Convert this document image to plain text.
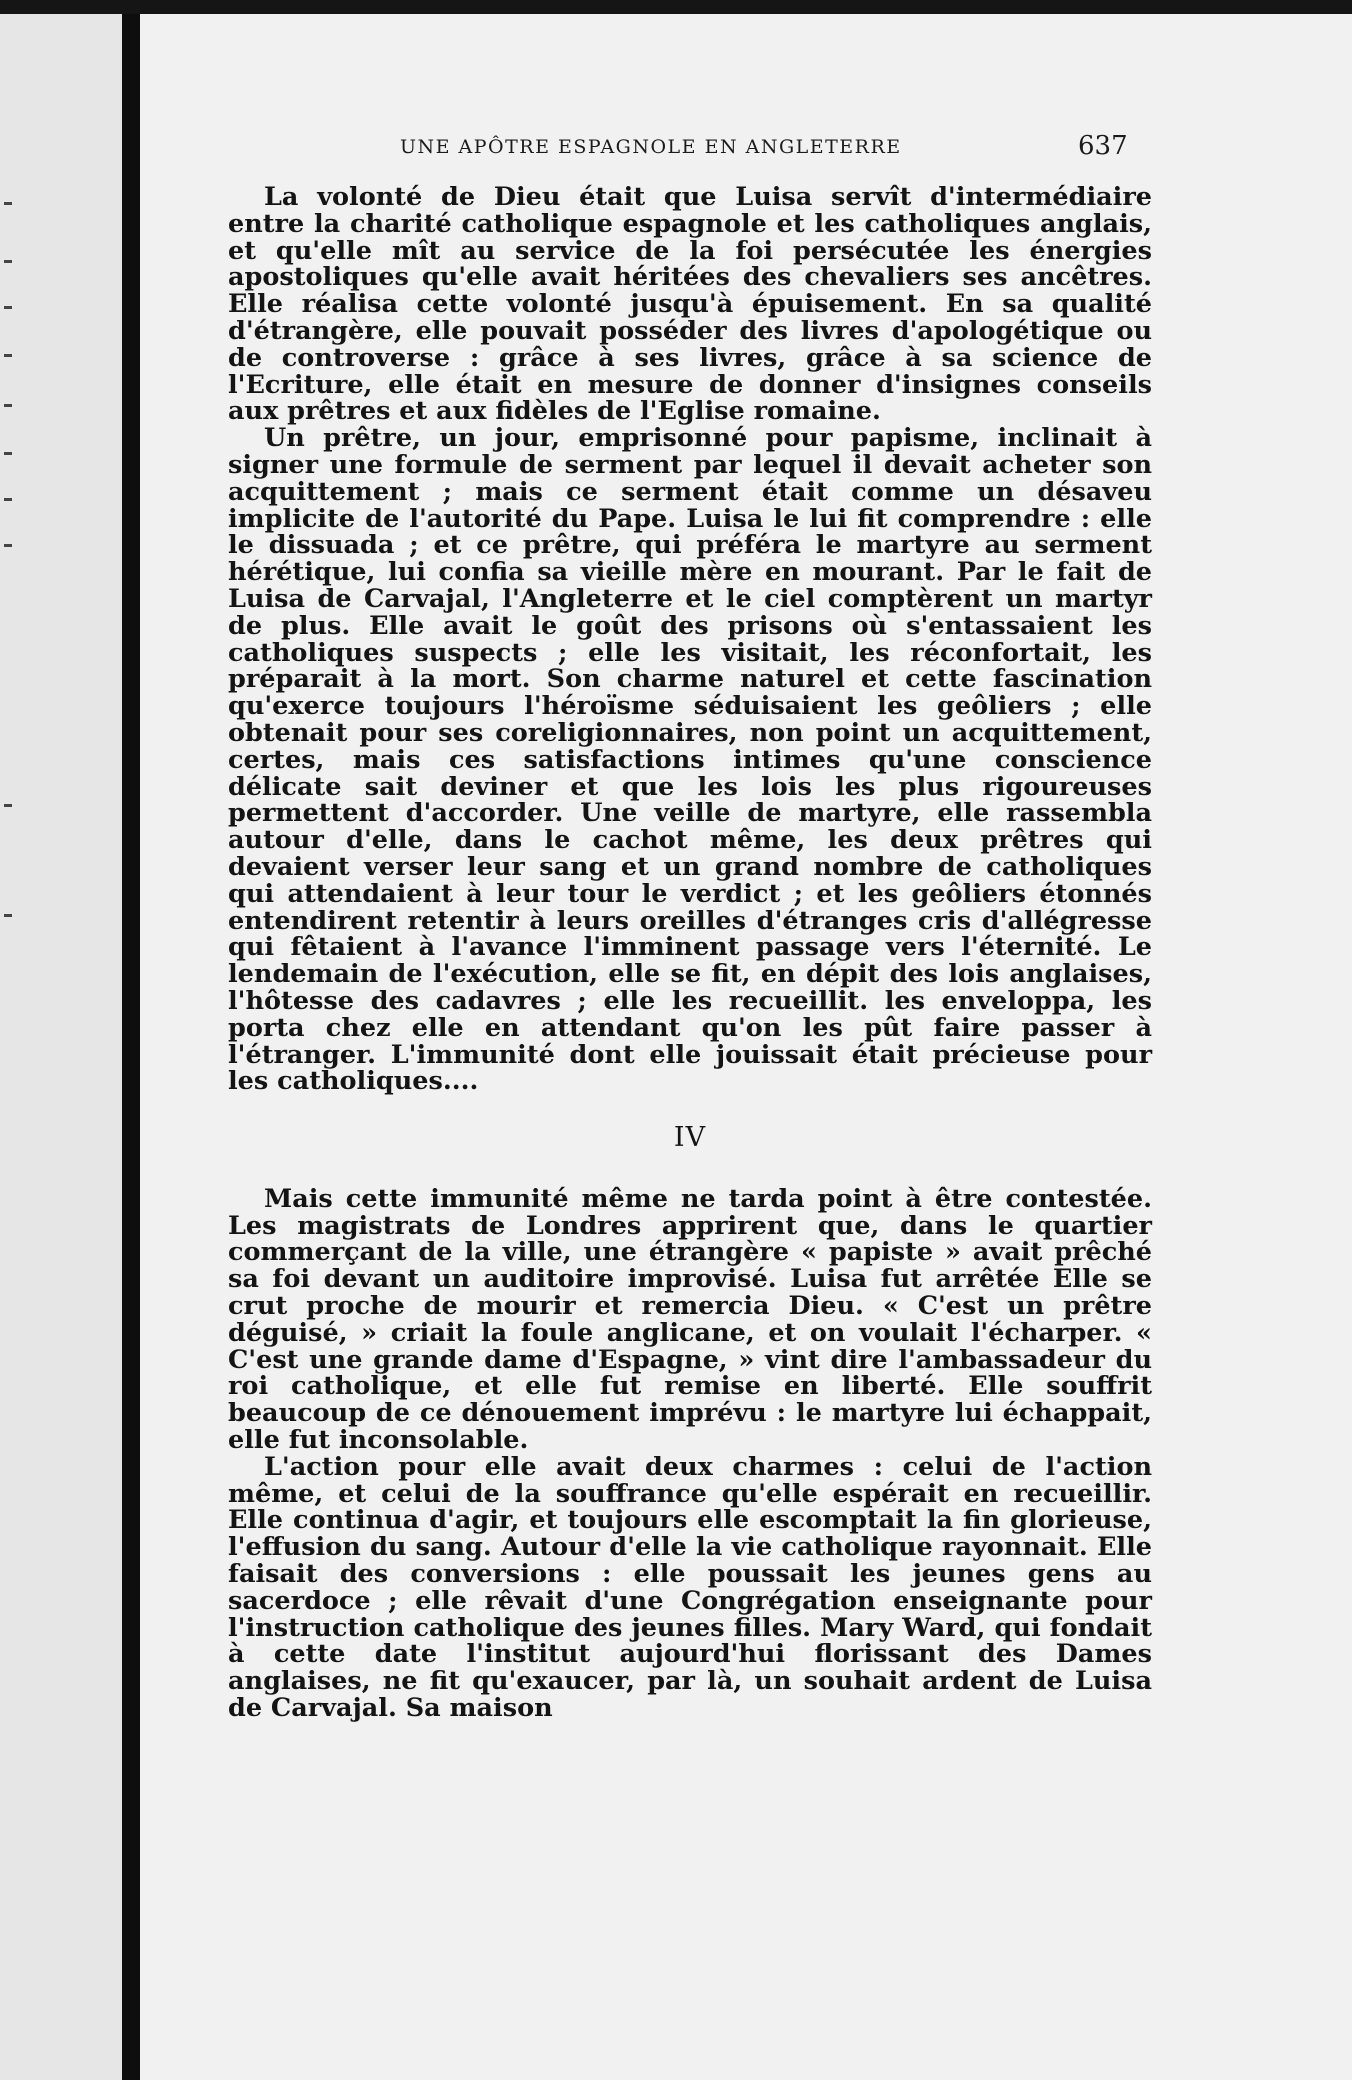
UNE APÔTRE ESPAGNOLE EN ANGLETERRE	637

La volonté de Dieu était que Luisa servît d'intermédiaire entre la charité catholique espagnole et les catholiques anglais, et qu'elle mît au service de la foi persécutée les énergies apostoliques qu'elle avait héritées des chevaliers ses ancêtres. Elle réalisa cette volonté jusqu'à épuisement. En sa qualité d'étrangère, elle pouvait posséder des livres d'apologétique ou de controverse : grâce à ses livres, grâce à sa science de l'Ecriture, elle était en mesure de donner d'insignes conseils aux prêtres et aux fidèles de l'Eglise romaine.

Un prêtre, un jour, emprisonné pour papisme, inclinait à signer une formule de serment par lequel il devait acheter son acquittement ; mais ce serment était comme un désaveu implicite de l'autorité du Pape. Luisa le lui fit comprendre : elle le dissuada ; et ce prêtre, qui préféra le martyre au serment hérétique, lui confia sa vieille mère en mourant. Par le fait de Luisa de Carvajal, l'Angleterre et le ciel comptèrent un martyr de plus. Elle avait le goût des prisons où s'entassaient les catholiques suspects ; elle les visitait, les réconfortait, les préparait à la mort. Son charme naturel et cette fascination qu'exerce toujours l'héroïsme séduisaient les geôliers ; elle obtenait pour ses coreligionnaires, non point un acquittement, certes, mais ces satisfactions intimes qu'une conscience délicate sait deviner et que les lois les plus rigoureuses permettent d'accorder. Une veille de martyre, elle rassembla autour d'elle, dans le cachot même, les deux prêtres qui devaient verser leur sang et un grand nombre de catholiques qui attendaient à leur tour le verdict ; et les geôliers étonnés entendirent retentir à leurs oreilles d'étranges cris d'allégresse qui fêtaient à l'avance l'imminent passage vers l'éternité. Le lendemain de l'exécution, elle se fit, en dépit des lois anglaises, l'hôtesse des cadavres ; elle les recueillit. les enveloppa, les porta chez elle en attendant qu'on les pût faire passer à l'étranger. L'immunité dont elle jouissait était précieuse pour les catholiques....

IV

Mais cette immunité même ne tarda point à être contestée. Les magistrats de Londres apprirent que, dans le quartier commerçant de la ville, une étrangère « papiste » avait prêché sa foi devant un auditoire improvisé. Luisa fut arrêtée Elle se crut proche de mourir et remercia Dieu. « C'est un prêtre déguisé, » criait la foule anglicane, et on voulait l'écharper. « C'est une grande dame d'Espagne, » vint dire l'ambassadeur du roi catholique, et elle fut remise en liberté. Elle souffrit beaucoup de ce dénouement imprévu : le martyre lui échappait, elle fut inconsolable.

L'action pour elle avait deux charmes : celui de l'action même, et celui de la souffrance qu'elle espérait en recueillir. Elle continua d'agir, et toujours elle escomptait la fin glorieuse, l'effusion du sang. Autour d'elle la vie catholique rayonnait. Elle faisait des conversions : elle poussait les jeunes gens au sacerdoce ; elle rêvait d'une Congrégation enseignante pour l'instruction catholique des jeunes filles. Mary Ward, qui fondait à cette date l'institut aujourd'hui florissant des Dames anglaises, ne fit qu'exaucer, par là, un souhait ardent de Luisa de Carvajal. Sa maison
